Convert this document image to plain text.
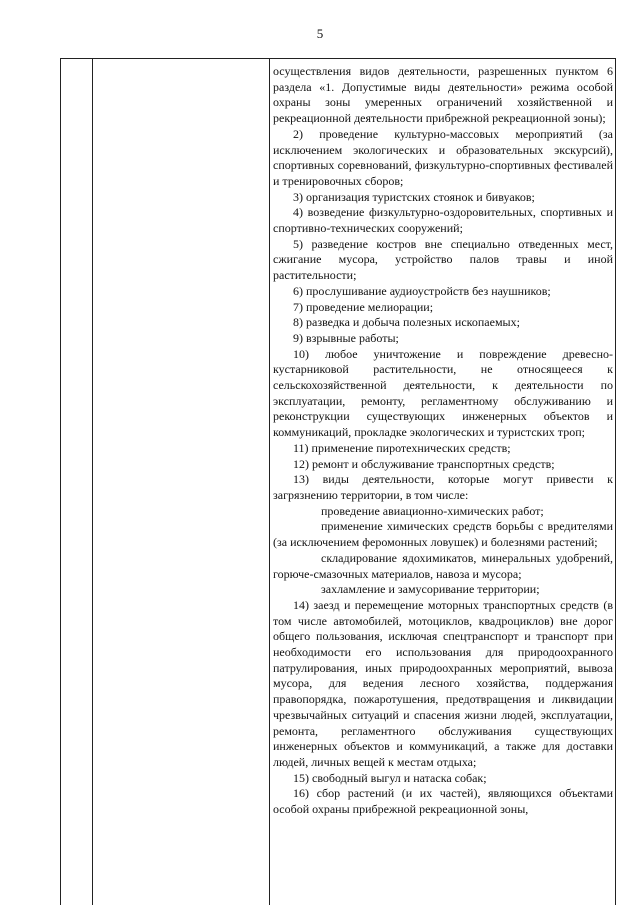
5

осуществления видов деятельности, разрешенных пунктом 6 раздела «1. Допустимые виды деятельности» режима особой охраны зоны умеренных ограничений хозяйственной и рекреационной деятельности прибрежной рекреационной зоны);

2) проведение культурно-массовых мероприятий (за исключением экологических и образовательных экскурсий), спортивных соревнований, физкультурно-спортивных фестивалей и тренировочных сборов;

3) организация туристских стоянок и бивуаков;

4) возведение физкультурно-оздоровительных, спортивных и спортивно-технических сооружений;

5) разведение костров вне специально отведенных мест, сжигание мусора, устройство палов травы и иной растительности;

6) прослушивание аудиоустройств без наушников;

7) проведение мелиорации;

8) разведка и добыча полезных ископаемых;

9) взрывные работы;

10) любое уничтожение и повреждение древесно-кустарниковой растительности, не относящееся к сельскохозяйственной деятельности, к деятельности по эксплуатации, ремонту, регламентному обслуживанию и реконструкции существующих инженерных объектов и коммуникаций, прокладке экологических и туристских троп;

11) применение пиротехнических средств;

12) ремонт и обслуживание транспортных средств;

13) виды деятельности, которые могут привести к загрязнению территории, в том числе:

проведение авиационно-химических работ;

применение химических средств борьбы с вредителями (за исключением феромонных ловушек) и болезнями растений;

складирование ядохимикатов, минеральных удобрений, горюче-смазочных материалов, навоза и мусора;

захламление и замусоривание территории;

14) заезд и перемещение моторных транспортных средств (в том числе автомобилей, мотоциклов, квадроциклов) вне дорог общего пользования, исключая спецтранспорт и транспорт при необходимости его использования для природоохранного патрулирования, иных природоохранных мероприятий, вывоза мусора, для ведения лесного хозяйства, поддержания правопорядка, пожаротушения, предотвращения и ликвидации чрезвычайных ситуаций и спасения жизни людей, эксплуатации, ремонта, регламентного обслуживания существующих инженерных объектов и коммуникаций, а также для доставки людей, личных вещей к местам отдыха;

15) свободный выгул и натаска собак;

16) сбор растений (и их частей), являющихся объектами особой охраны прибрежной рекреационной зоны,
